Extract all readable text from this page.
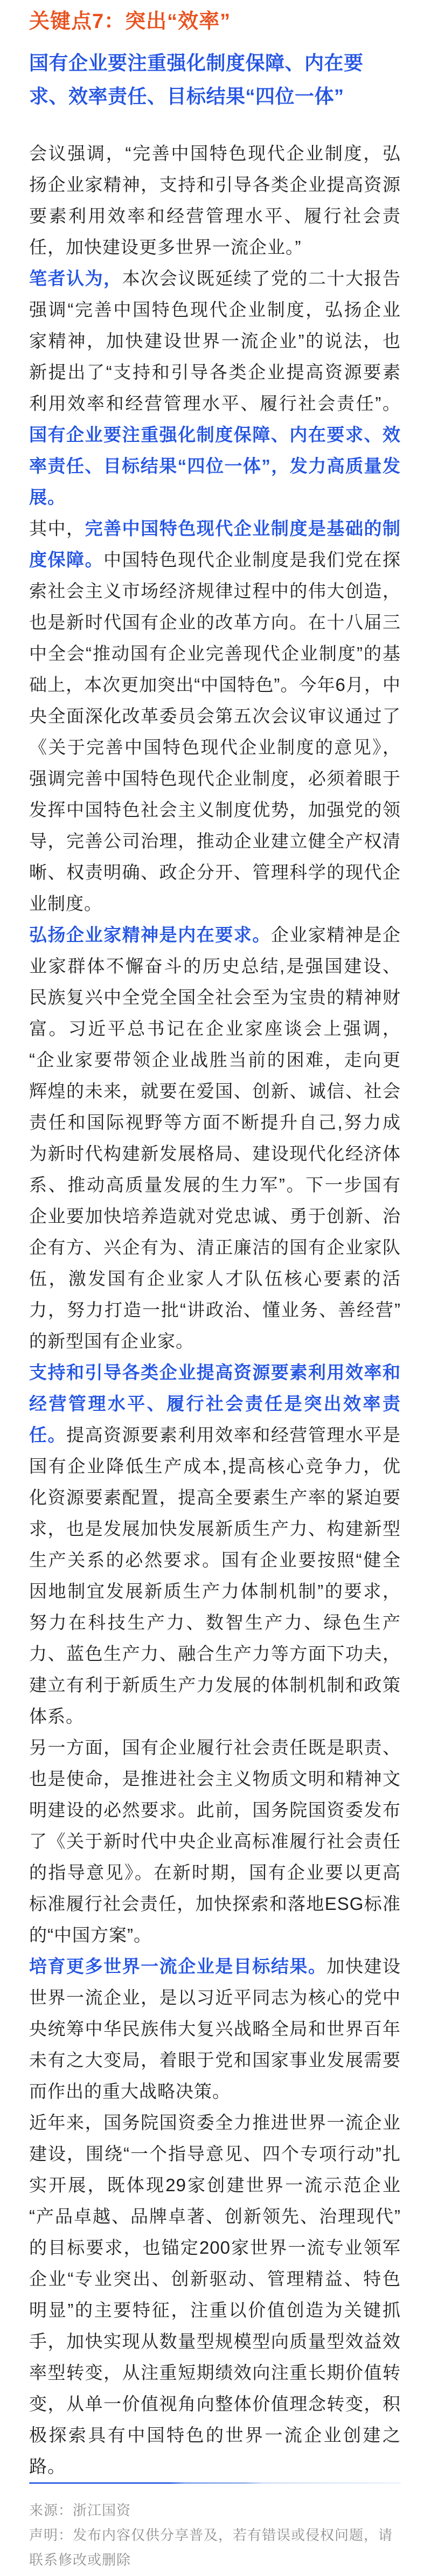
关键点7：突出“效率”
国有企业要注重强化制度保障、内在要求、效率责任、目标结果“四位一体”

会议强调，“完善中国特色现代企业制度，弘扬企业家精神，支持和引导各类企业提高资源要素利用效率和经营管理水平、履行社会责任，加快建设更多世界一流企业。”

笔者认为，本次会议既延续了党的二十大报告强调“完善中国特色现代企业制度，弘扬企业家精神，加快建设世界一流企业”的说法，也新提出了“支持和引导各类企业提高资源要素利用效率和经营管理水平、履行社会责任”。国有企业要注重强化制度保障、内在要求、效率责任、目标结果“四位一体”，发力高质量发展。

其中，完善中国特色现代企业制度是基础的制度保障。中国特色现代企业制度是我们党在探索社会主义市场经济规律过程中的伟大创造，也是新时代国有企业的改革方向。在十八届三中全会“推动国有企业完善现代企业制度”的基础上，本次更加突出“中国特色”。今年6月，中央全面深化改革委员会第五次会议审议通过了《关于完善中国特色现代企业制度的意见》，强调完善中国特色现代企业制度，必须着眼于发挥中国特色社会主义制度优势，加强党的领导，完善公司治理，推动企业建立健全产权清晰、权责明确、政企分开、管理科学的现代企业制度。

弘扬企业家精神是内在要求。企业家精神是企业家群体不懈奋斗的历史总结,是强国建设、民族复兴中全党全国全社会至为宝贵的精神财富。习近平总书记在企业家座谈会上强调，“企业家要带领企业战胜当前的困难，走向更辉煌的未来，就要在爱国、创新、诚信、社会责任和国际视野等方面不断提升自己,努力成为新时代构建新发展格局、建设现代化经济体系、推动高质量发展的生力军”。下一步国有企业要加快培养造就对党忠诚、勇于创新、治企有方、兴企有为、清正廉洁的国有企业家队伍，激发国有企业家人才队伍核心要素的活力，努力打造一批“讲政治、懂业务、善经营”的新型国有企业家。

支持和引导各类企业提高资源要素利用效率和经营管理水平、履行社会责任是突出效率责任。提高资源要素利用效率和经营管理水平是国有企业降低生产成本,提高核心竞争力，优化资源要素配置，提高全要素生产率的紧迫要求，也是发展加快发展新质生产力、构建新型生产关系的必然要求。国有企业要按照“健全因地制宜发展新质生产力体制机制”的要求，努力在科技生产力、数智生产力、绿色生产力、蓝色生产力、融合生产力等方面下功夫，建立有利于新质生产力发展的体制机制和政策体系。

另一方面，国有企业履行社会责任既是职责、也是使命，是推进社会主义物质文明和精神文明建设的必然要求。此前，国务院国资委发布了《关于新时代中央企业高标准履行社会责任的指导意见》。在新时期，国有企业要以更高标准履行社会责任，加快探索和落地ESG标准的“中国方案”。

培育更多世界一流企业是目标结果。加快建设世界一流企业，是以习近平同志为核心的党中央统筹中华民族伟大复兴战略全局和世界百年未有之大变局，着眼于党和国家事业发展需要而作出的重大战略决策。

近年来，国务院国资委全力推进世界一流企业建设，围绕“一个指导意见、四个专项行动”扎实开展，既体现29家创建世界一流示范企业“产品卓越、品牌卓著、创新领先、治理现代”的目标要求，也锚定200家世界一流专业领军企业“专业突出、创新驱动、管理精益、特色明显”的主要特征，注重以价值创造为关键抓手，加快实现从数量型规模型向质量型效益效率型转变，从注重短期绩效向注重长期价值转变，从单一价值视角向整体价值理念转变，积极探索具有中国特色的世界一流企业创建之路。

来源：浙江国资

声明：发布内容仅供分享普及，若有错误或侵权问题，请联系修改或删除
